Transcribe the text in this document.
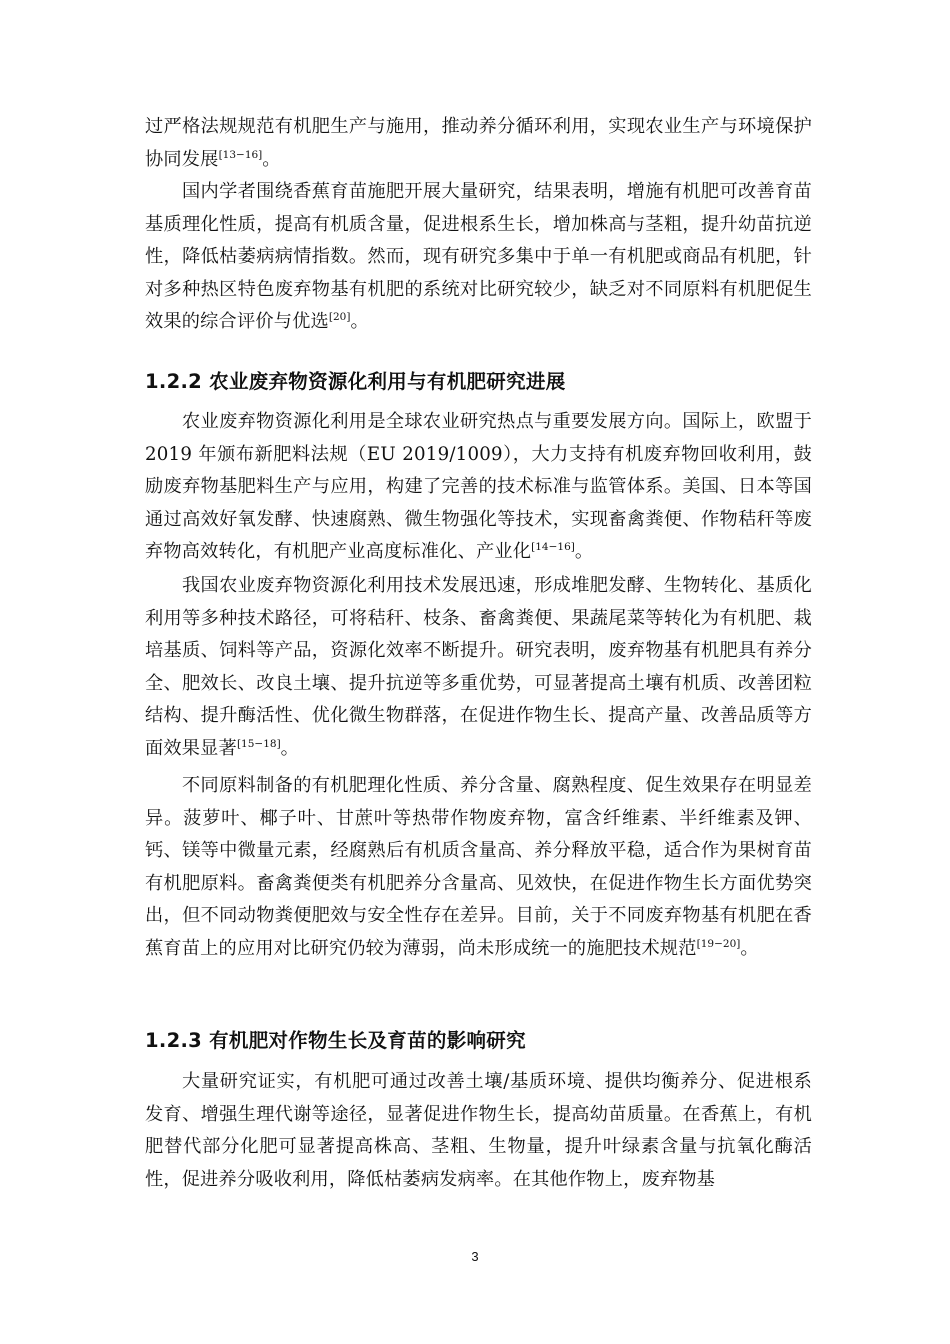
过严格法规规范有机肥生产与施用，推动养分循环利用，实现农业生产与环境保护协同发展[13−16]。

国内学者围绕香蕉育苗施肥开展大量研究，结果表明，增施有机肥可改善育苗基质理化性质，提高有机质含量，促进根系生长，增加株高与茎粗，提升幼苗抗逆性，降低枯萎病病情指数。然而，现有研究多集中于单一有机肥或商品有机肥，针对多种热区特色废弃物基有机肥的系统对比研究较少，缺乏对不同原料有机肥促生效果的综合评价与优选[20]。

1.2.2 农业废弃物资源化利用与有机肥研究进展

农业废弃物资源化利用是全球农业研究热点与重要发展方向。国际上，欧盟于 2019 年颁布新肥料法规（EU 2019/1009），大力支持有机废弃物回收利用，鼓励废弃物基肥料生产与应用，构建了完善的技术标准与监管体系。美国、日本等国通过高效好氧发酵、快速腐熟、微生物强化等技术，实现畜禽粪便、作物秸秆等废弃物高效转化，有机肥产业高度标准化、产业化[14−16]。

我国农业废弃物资源化利用技术发展迅速，形成堆肥发酵、生物转化、基质化利用等多种技术路径，可将秸秆、枝条、畜禽粪便、果蔬尾菜等转化为有机肥、栽培基质、饲料等产品，资源化效率不断提升。研究表明，废弃物基有机肥具有养分全、肥效长、改良土壤、提升抗逆等多重优势，可显著提高土壤有机质、改善团粒结构、提升酶活性、优化微生物群落，在促进作物生长、提高产量、改善品质等方面效果显著[15−18]。

不同原料制备的有机肥理化性质、养分含量、腐熟程度、促生效果存在明显差异。菠萝叶、椰子叶、甘蔗叶等热带作物废弃物，富含纤维素、半纤维素及钾、钙、镁等中微量元素，经腐熟后有机质含量高、养分释放平稳，适合作为果树育苗有机肥原料。畜禽粪便类有机肥养分含量高、见效快，在促进作物生长方面优势突出，但不同动物粪便肥效与安全性存在差异。目前，关于不同废弃物基有机肥在香蕉育苗上的应用对比研究仍较为薄弱，尚未形成统一的施肥技术规范[19−20]。

1.2.3 有机肥对作物生长及育苗的影响研究

大量研究证实，有机肥可通过改善土壤/基质环境、提供均衡养分、促进根系发育、增强生理代谢等途径，显著促进作物生长，提高幼苗质量。在香蕉上，有机肥替代部分化肥可显著提高株高、茎粗、生物量，提升叶绿素含量与抗氧化酶活性，促进养分吸收利用，降低枯萎病发病率。在其他作物上，废弃物基

3
